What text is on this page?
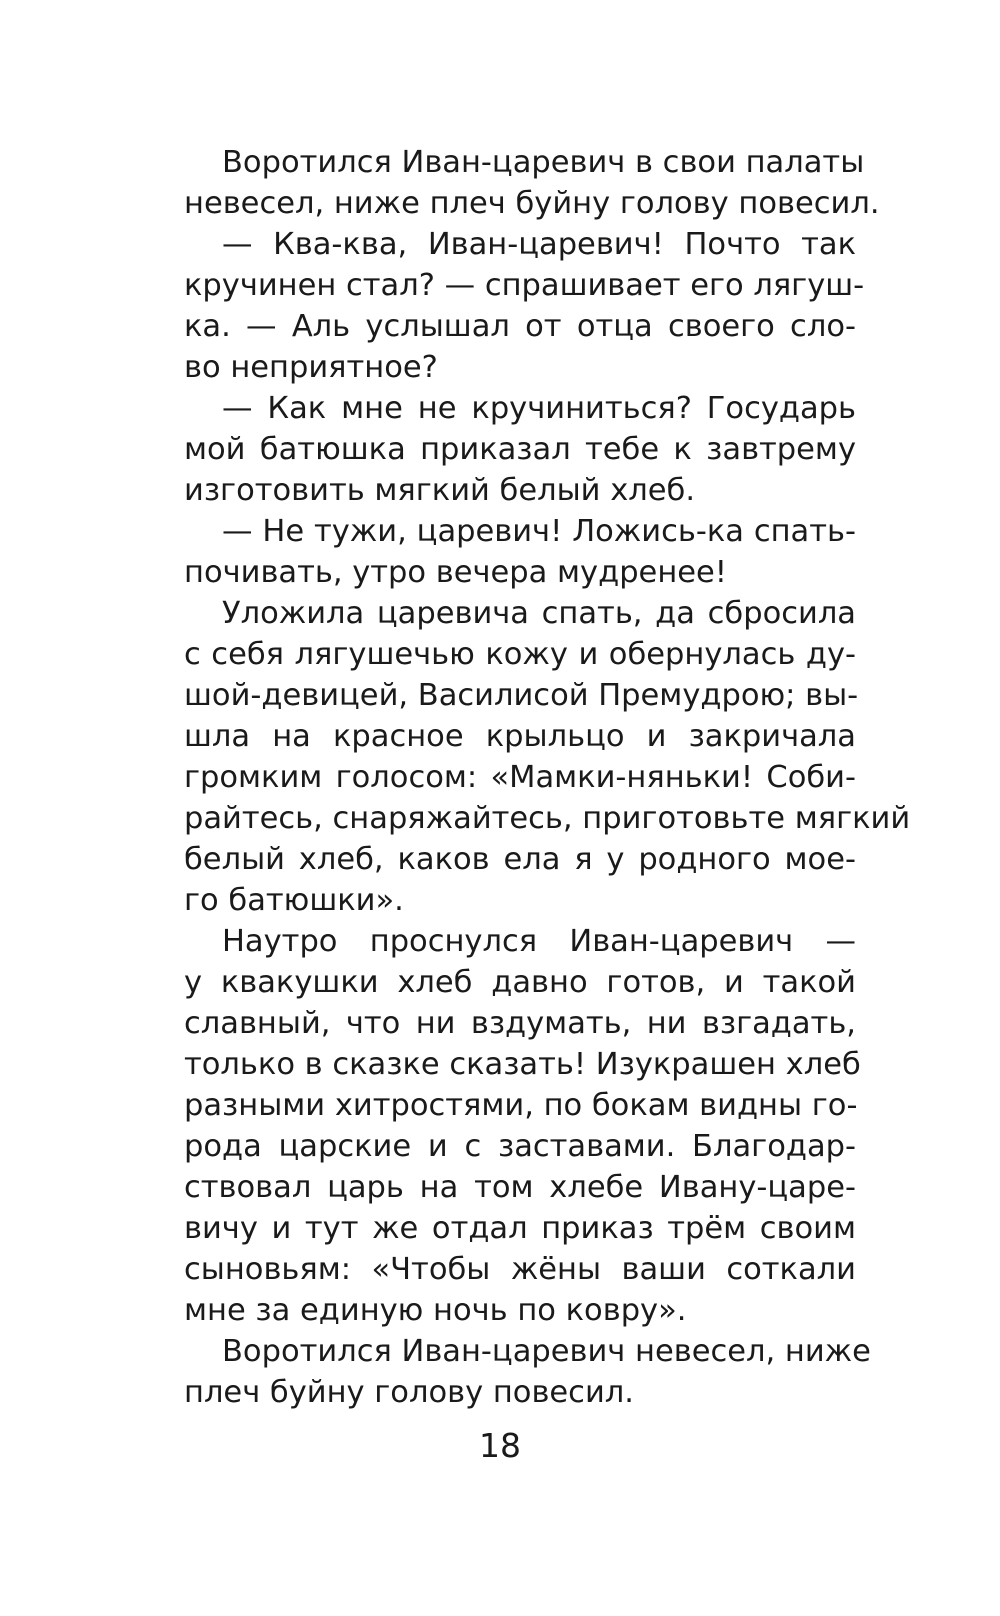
Воротился Иван-царевич в свои палаты
невесел, ниже плеч буйну голову повесил.
— Ква-ква, Иван-царевич! Почто так
кручинен стал? — спрашивает его лягуш-
ка. — Аль услышал от отца своего сло-
во неприятное?
— Как мне не кручиниться? Государь
мой батюшка приказал тебе к завтрему
изготовить мягкий белый хлеб.
— Не тужи, царевич! Ложись-ка спать-
почивать, утро вечера мудренее!
Уложила царевича спать, да сбросила
с себя лягушечью кожу и обернулась ду-
шой-девицей, Василисой Премудрою; вы-
шла на красное крыльцо и закричала
громким голосом: «Мамки-няньки! Соби-
райтесь, снаряжайтесь, приготовьте мягкий
белый хлеб, каков ела я у родного мое-
го батюшки».
Наутро проснулся Иван-царевич —
у квакушки хлеб давно готов, и такой
славный, что ни вздумать, ни взгадать,
только в сказке сказать! Изукрашен хлеб
разными хитростями, по бокам видны го-
рода царские и с заставами. Благодар-
ствовал царь на том хлебе Ивану-царе-
вичу и тут же отдал приказ трём своим
сыновьям: «Чтобы жёны ваши соткали
мне за единую ночь по ковру».
Воротился Иван-царевич невесел, ниже
плеч буйну голову повесил.
18
